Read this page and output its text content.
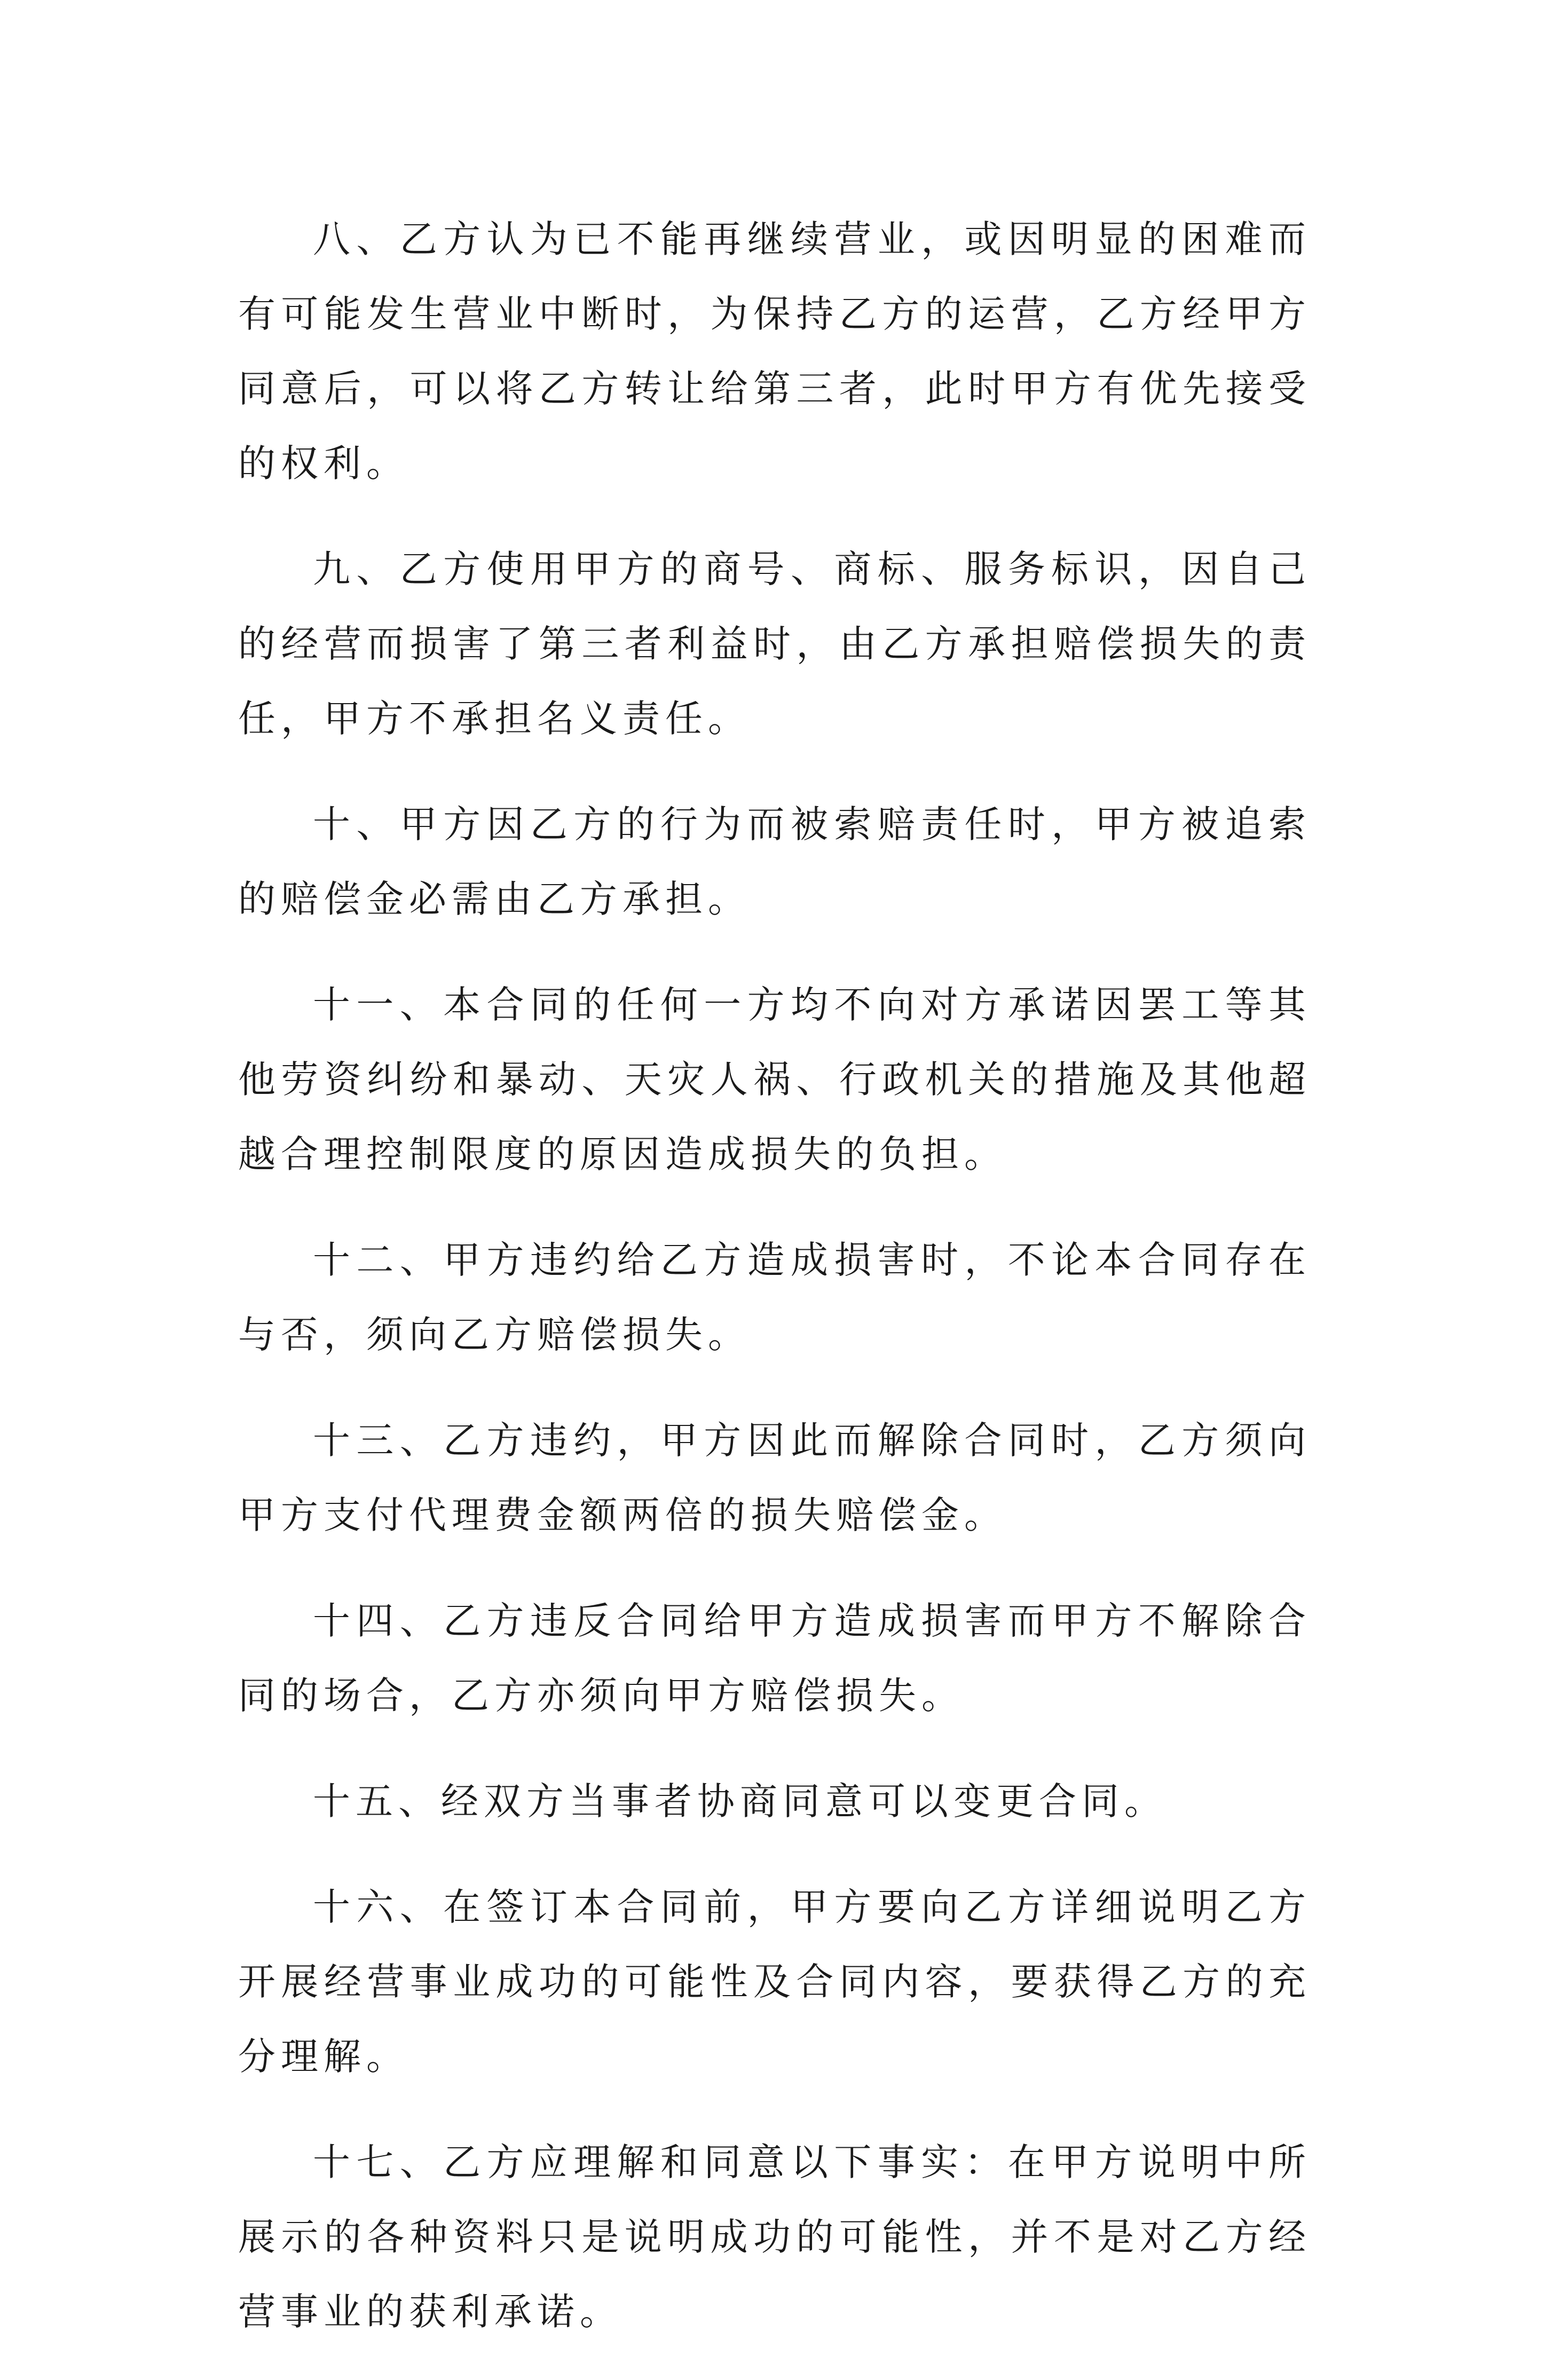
八、乙方认为已不能再继续营业，或因明显的困难而有可能发生营业中断时，为保持乙方的运营，乙方经甲方同意后，可以将乙方转让给第三者，此时甲方有优先接受的权利。

九、乙方使用甲方的商号、商标、服务标识，因自己的经营而损害了第三者利益时，由乙方承担赔偿损失的责任，甲方不承担名义责任。

十、甲方因乙方的行为而被索赔责任时，甲方被追索的赔偿金必需由乙方承担。

十一、本合同的任何一方均不向对方承诺因罢工等其他劳资纠纷和暴动、天灾人祸、行政机关的措施及其他超越合理控制限度的原因造成损失的负担。

十二、甲方违约给乙方造成损害时，不论本合同存在与否，须向乙方赔偿损失。

十三、乙方违约，甲方因此而解除合同时，乙方须向甲方支付代理费金额两倍的损失赔偿金。

十四、乙方违反合同给甲方造成损害而甲方不解除合同的场合，乙方亦须向甲方赔偿损失。

十五、经双方当事者协商同意可以变更合同。

十六、在签订本合同前，甲方要向乙方详细说明乙方开展经营事业成功的可能性及合同内容，要获得乙方的充分理解。

十七、乙方应理解和同意以下事实：在甲方说明中所展示的各种资料只是说明成功的可能性，并不是对乙方经营事业的获利承诺。
